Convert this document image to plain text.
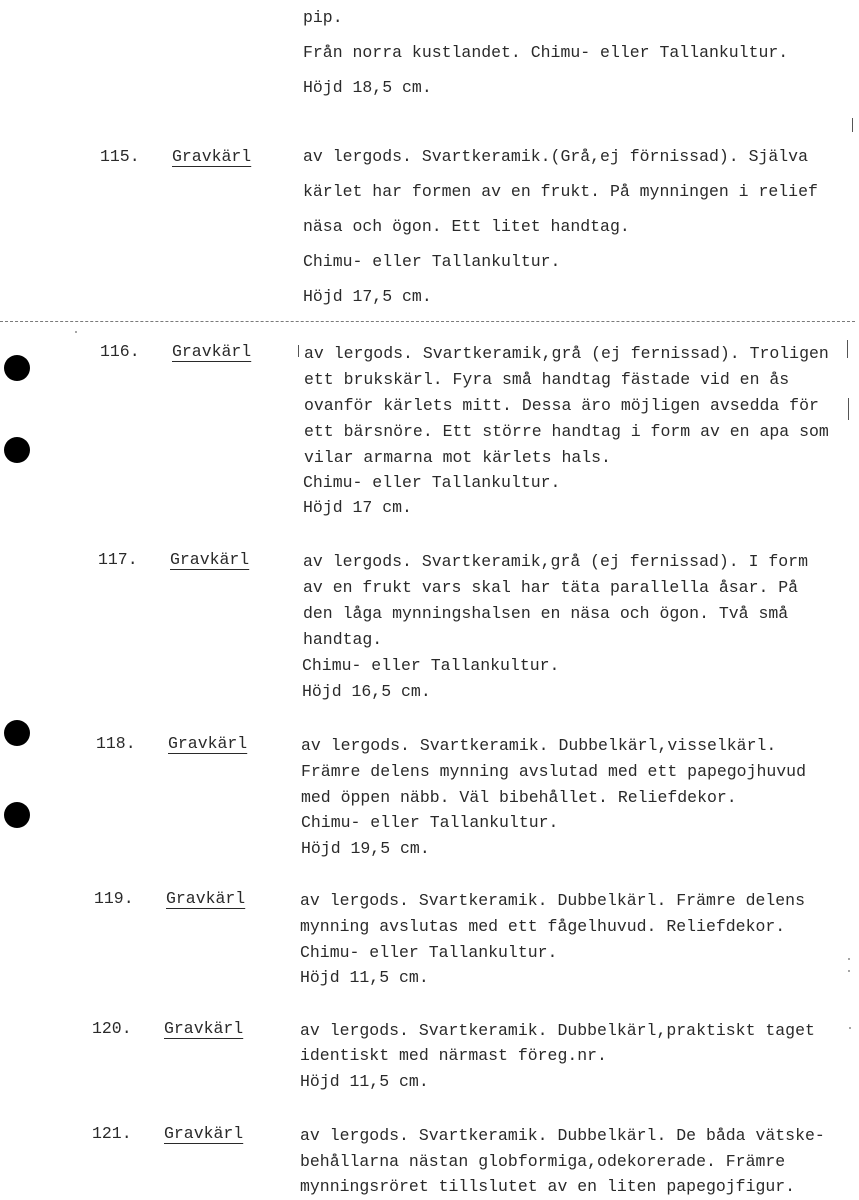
pip.
Från norra kustlandet. Chimu- eller Tallankultur.
Höjd 18,5 cm.
115. Gravkärl	av lergods. Svartkeramik.(Grå,ej förnissad). Själva
kärlet har formen av en frukt. På mynningen i relief
näsa och ögon. Ett litet handtag.
Chimu- eller Tallankultur.
Höjd 17,5 cm.
116. Gravkärl	av lergods. Svartkeramik,grå (ej fernissad). Troligen
ett brukskärl. Fyra små handtag fästade vid en ås
ovanför kärlets mitt. Dessa äro möjligen avsedda för
ett bärsnöre. Ett större handtag i form av en apa som
vilar armarna mot kärlets hals.
Chimu- eller Tallankultur.
Höjd 17 cm.
117. Gravkärl	av lergods. Svartkeramik,grå (ej fernissad). I form
av en frukt vars skal har täta parallella åsar. På
den låga mynningshalsen en näsa och ögon. Två små
handtag.
Chimu- eller Tallankultur.
Höjd 16,5 cm.
118. Gravkärl	av lergods. Svartkeramik. Dubbelkärl,visselkärl.
Främre delens mynning avslutad med ett papegojhuvud
med öppen näbb. Väl bibehållet. Reliefdekor.
Chimu- eller Tallankultur.
Höjd 19,5 cm.
119. Gravkärl	av lergods. Svartkeramik. Dubbelkärl. Främre delens
mynning avslutas med ett fågelhuvud. Reliefdekor.
Chimu- eller Tallankultur.
Höjd 11,5 cm.
120. Gravkärl	av lergods. Svartkeramik. Dubbelkärl,praktiskt taget
identiskt med närmast föreg.nr.
Höjd 11,5 cm.
121. Gravkärl	av lergods. Svartkeramik. Dubbelkärl. De båda vätske-
behållarna nästan globformiga,odekorerade. Främre
mynningsröret tillslutet av en liten papegojfigur.
